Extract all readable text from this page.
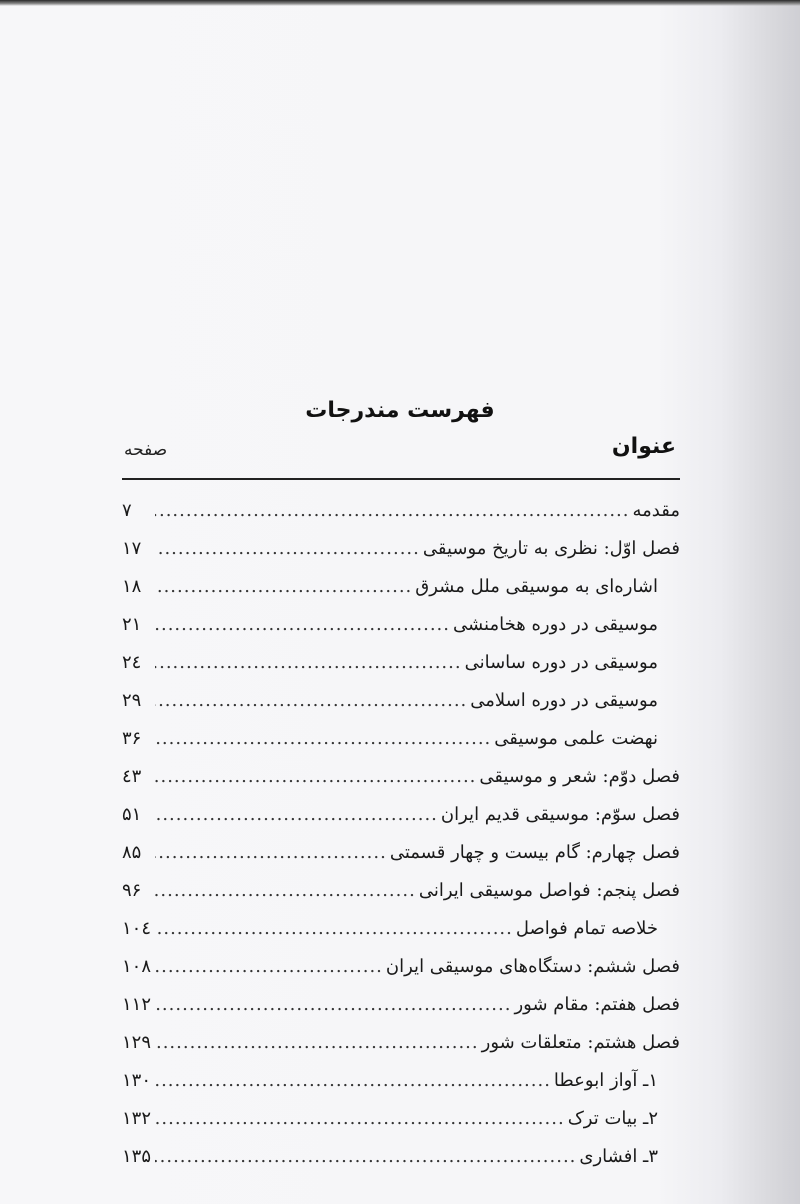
فهرست مندرجات
عنوان
صفحه
مقدمه
.....
۷
فصل اوّل: نظری به تاریخ موسیقی
.....
۱۷
اشاره‌ای به موسیقی ملل مشرق
.....
۱۸
موسیقی در دوره هخامنشی
.....
۲۱
موسیقی در دوره ساسانی
.....
۲٤
موسیقی در دوره اسلامی
.....
۲۹
نهضت علمی موسیقی
.....
۳۶
فصل دوّم: شعر و موسیقی
.....
٤۳
فصل سوّم: موسیقی قدیم ایران
.....
۵۱
فصل چهارم: گام بیست و چهار قسمتی
.....
۸۵
فصل پنجم: فواصل موسیقی ایرانی
.....
۹۶
خلاصه تمام فواصل
.....
۱۰٤
فصل ششم: دستگاه‌های موسیقی ایران
.....
۱۰۸
فصل هفتم: مقام شور
.....
۱۱۲
فصل هشتم: متعلقات شور
.....
۱۲۹
۱ـ آواز ابوعطا
.....
۱۳۰
۲ـ بیات ترک
.....
۱۳۲
۳ـ افشاری
.....
۱۳۵
